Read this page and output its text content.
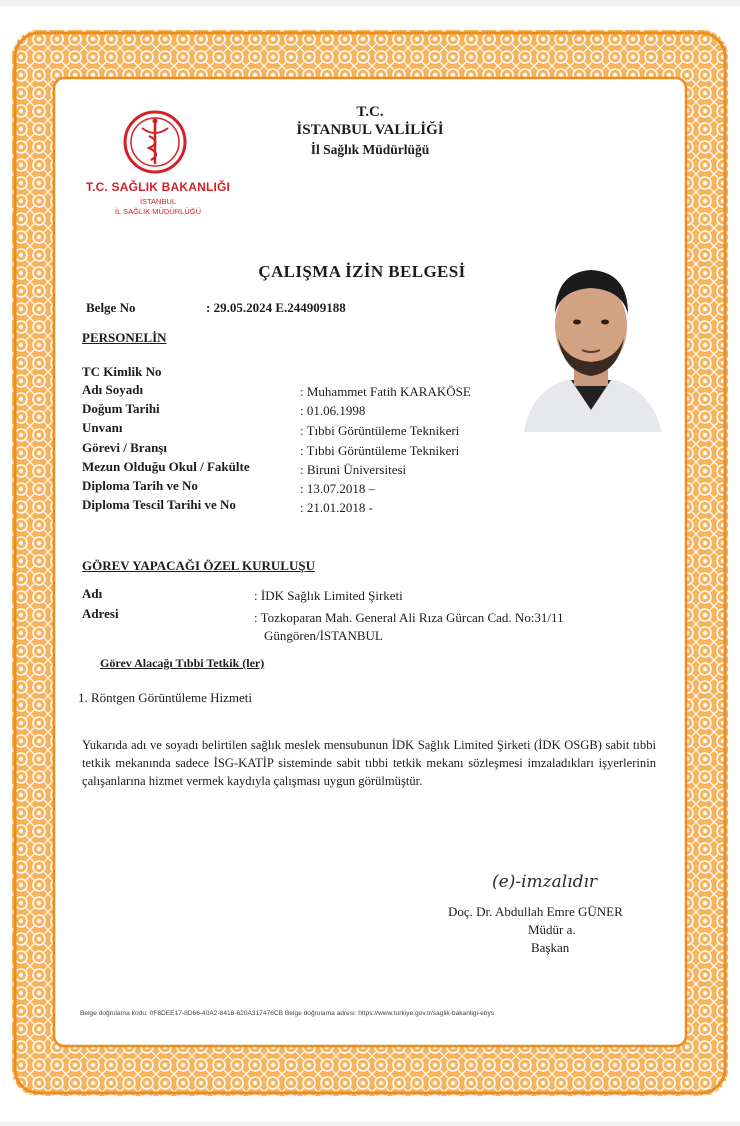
T.C. SAĞLIK BAKANLIĞI
İSTANBUL
İL SAĞLIK MÜDÜRLÜĞÜ
T.C.
İSTANBUL VALİLİĞİ
İl Sağlık Müdürlüğü
ÇALIŞMA İZİN BELGESİ
Belge No	: 29.05.2024 E.244909188
PERSONELİN
TC Kimlik No
Adı Soyadı	: Muhammet Fatih KARAKÖSE
Doğum Tarihi	: 01.06.1998
Unvanı	: Tıbbi Görüntüleme Teknikeri
Görevi / Branşı	: Tıbbi Görüntüleme Teknikeri
Mezun Olduğu Okul / Fakülte	: Biruni Üniversitesi
Diploma Tarih ve No	: 13.07.2018 –
Diploma Tescil Tarihi ve No	: 21.01.2018 -
GÖREV YAPACAĞI ÖZEL KURULUŞU
Adı	: İDK Sağlık Limited Şirketi
Adresi	: Tozkoparan Mah. General Ali Rıza Gürcan Cad. No:31/11
Güngören/İSTANBUL
Görev Alacağı Tıbbi Tetkik (ler)
1. Röntgen Görüntüleme Hizmeti
Yukarıda adı ve soyadı belirtilen sağlık meslek mensubunun İDK Sağlık Limited Şirketi (İDK OSGB) sabit tıbbi tetkik mekanında sadece İSG-KATİP sisteminde sabit tıbbi tetkik mekanı sözleşmesi imzaladıkları işyerlerinin çalışanlarına hizmet vermek kaydıyla çalışması uygun görülmüştür.
(e)-imzalıdır
Doç. Dr. Abdullah Emre GÜNER
Müdür a.
Başkan
Belge doğrulama kodu: 0F8DEE17-8D66-40A2-8418-620A317476CB Belge doğrulama adresi: https://www.turkiye.gov.tr/saglik-bakanligi-ebys
